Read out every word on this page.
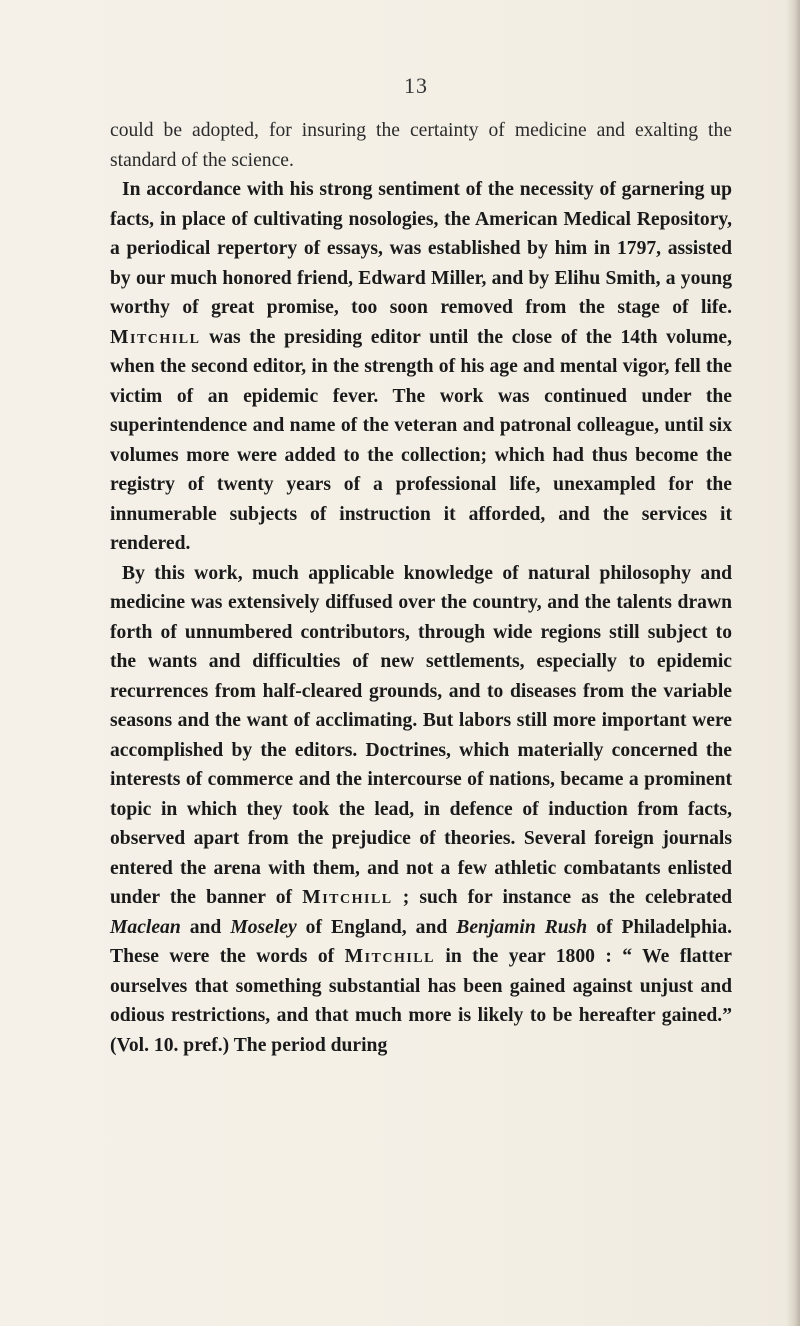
13

could be adopted, for insuring the certainty of medicine and exalting the standard of the science.

In accordance with his strong sentiment of the necessity of garnering up facts, in place of cultivating nosologies, the American Medical Repository, a periodical repertory of essays, was established by him in 1797, assisted by our much honored friend, Edward Miller, and by Elihu Smith, a young worthy of great promise, too soon removed from the stage of life. Mitchill was the presiding editor until the close of the 14th volume, when the second editor, in the strength of his age and mental vigor, fell the victim of an epidemic fever. The work was continued under the superintendence and name of the veteran and patronal colleague, until six volumes more were added to the collection; which had thus become the registry of twenty years of a professional life, unexampled for the innumerable subjects of instruction it afforded, and the services it rendered.

By this work, much applicable knowledge of natural philosophy and medicine was extensively diffused over the country, and the talents drawn forth of unnumbered contributors, through wide regions still subject to the wants and difficulties of new settlements, especially to epidemic recurrences from half-cleared grounds, and to diseases from the variable seasons and the want of acclimating. But labors still more important were accomplished by the editors. Doctrines, which materially concerned the interests of commerce and the intercourse of nations, became a prominent topic in which they took the lead, in defence of induction from facts, observed apart from the prejudice of theories. Several foreign journals entered the arena with them, and not a few athletic combatants enlisted under the banner of Mitchill ; such for instance as the celebrated Maclean and Moseley of England, and Benjamin Rush of Philadelphia. These were the words of Mitchill in the year 1800 : “ We flatter ourselves that something substantial has been gained against unjust and odious restrictions, and that much more is likely to be hereafter gained.” (Vol. 10. pref.) The period during
